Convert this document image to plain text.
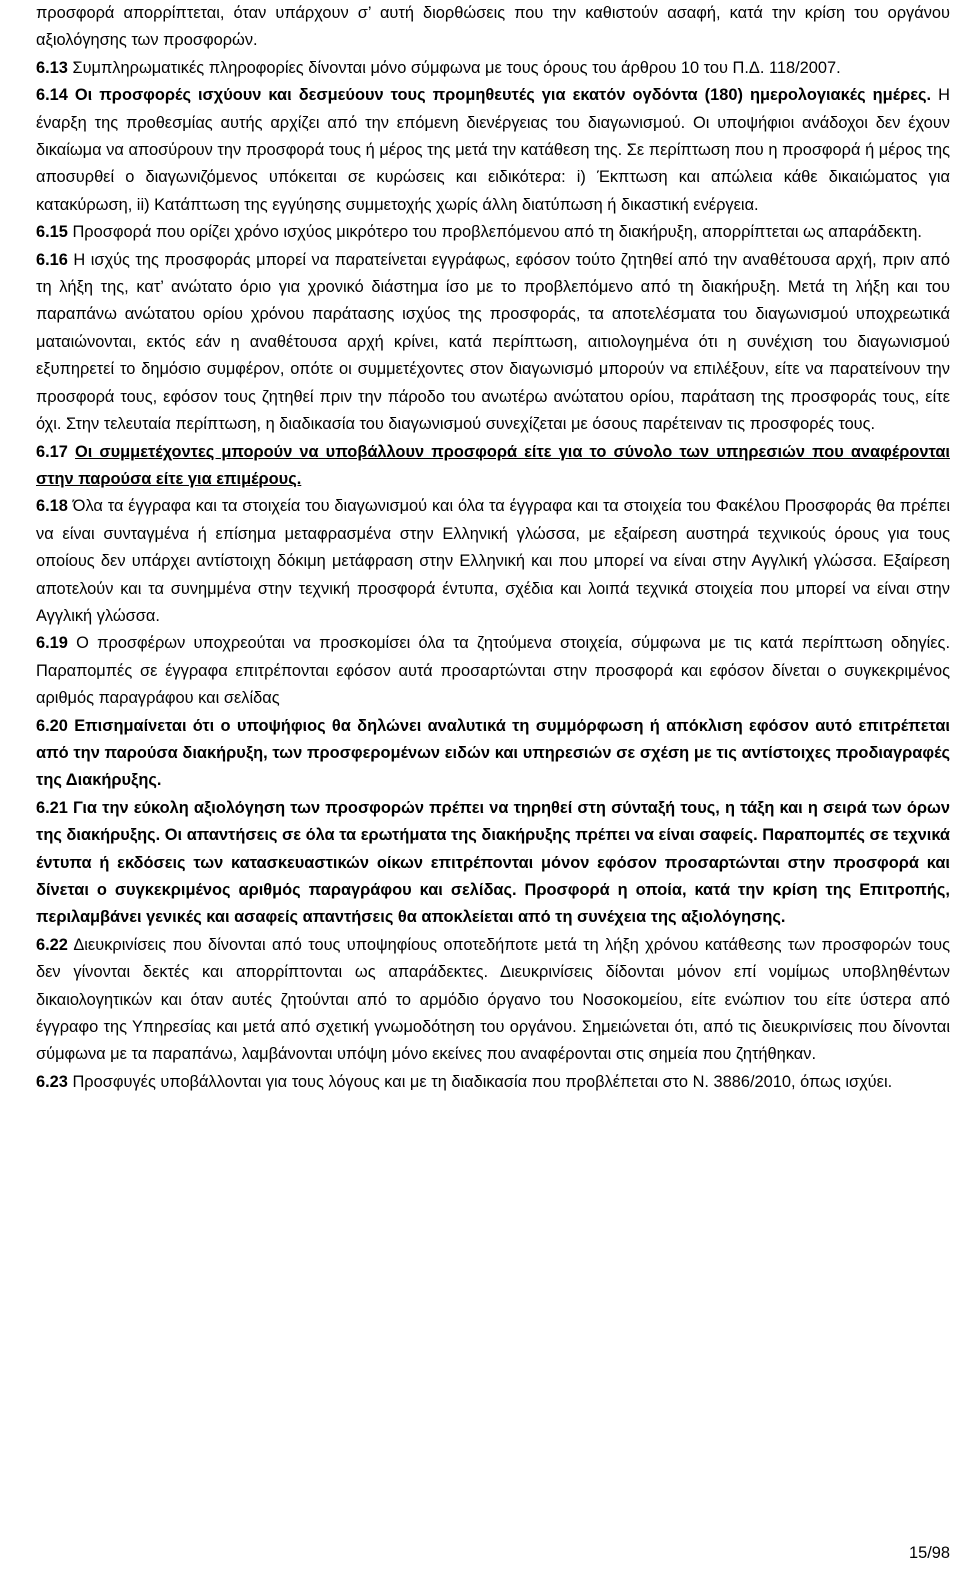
προσφορά απορρίπτεται, όταν υπάρχουν σ’ αυτή διορθώσεις που την καθιστούν ασαφή, κατά την κρίση του οργάνου αξιολόγησης των προσφορών.

6.13 Συμπληρωματικές πληροφορίες δίνονται μόνο σύμφωνα με τους όρους του άρθρου 10 του Π.Δ. 118/2007.

6.14 Οι προσφορές ισχύουν και δεσμεύουν τους προμηθευτές για εκατόν ογδόντα (180) ημερολογιακές ημέρες. Η έναρξη της προθεσμίας αυτής αρχίζει από την επόμενη διενέργειας του διαγωνισμού. Οι υποψήφιοι ανάδοχοι δεν έχουν δικαίωμα να αποσύρουν την προσφορά τους ή μέρος της μετά την κατάθεση της. Σε περίπτωση που η προσφορά ή μέρος της αποσυρθεί ο διαγωνιζόμενος υπόκειται σε κυρώσεις και ειδικότερα: i) Έκπτωση και απώλεια κάθε δικαιώματος για κατακύρωση, ii) Κατάπτωση της εγγύησης συμμετοχής χωρίς άλλη διατύπωση ή δικαστική ενέργεια.

6.15 Προσφορά που ορίζει χρόνο ισχύος μικρότερο του προβλεπόμενου από τη διακήρυξη, απορρίπτεται ως απαράδεκτη.

6.16 Η ισχύς της προσφοράς μπορεί να παρατείνεται εγγράφως, εφόσον τούτο ζητηθεί από την αναθέτουσα αρχή, πριν από τη λήξη της, κατ’ ανώτατο όριο για χρονικό διάστημα ίσο με το προβλεπόμενο από τη διακήρυξη. Μετά τη λήξη και του παραπάνω ανώτατου ορίου χρόνου παράτασης ισχύος της προσφοράς, τα αποτελέσματα του διαγωνισμού υποχρεωτικά ματαιώνονται, εκτός εάν η αναθέτουσα αρχή κρίνει, κατά περίπτωση, αιτιολογημένα ότι η συνέχιση του διαγωνισμού εξυπηρετεί το δημόσιο συμφέρον, οπότε οι συμμετέχοντες στον διαγωνισμό μπορούν να επιλέξουν, είτε να παρατείνουν την προσφορά τους, εφόσον τους ζητηθεί πριν την πάροδο του ανωτέρω ανώτατου ορίου, παράταση της προσφοράς τους, είτε όχι. Στην τελευταία περίπτωση, η διαδικασία του διαγωνισμού συνεχίζεται με όσους παρέτειναν τις προσφορές τους.

6.17 Οι συμμετέχοντες μπορούν να υποβάλλουν προσφορά είτε για το σύνολο των υπηρεσιών που αναφέρονται στην παρούσα είτε για επιμέρους.

6.18 Όλα τα έγγραφα και τα στοιχεία του διαγωνισμού και όλα τα έγγραφα και τα στοιχεία του Φακέλου Προσφοράς θα πρέπει να είναι συνταγμένα ή επίσημα μεταφρασμένα στην Ελληνική γλώσσα, με εξαίρεση αυστηρά τεχνικούς όρους για τους οποίους δεν υπάρχει αντίστοιχη δόκιμη μετάφραση στην Ελληνική και που μπορεί να είναι στην Αγγλική γλώσσα. Εξαίρεση αποτελούν και τα συνημμένα στην τεχνική προσφορά έντυπα, σχέδια και λοιπά τεχνικά στοιχεία που μπορεί να είναι στην Αγγλική γλώσσα.

6.19 Ο προσφέρων υποχρεούται να προσκομίσει όλα τα ζητούμενα στοιχεία, σύμφωνα με τις κατά περίπτωση οδηγίες. Παραπομπές σε έγγραφα επιτρέπονται εφόσον αυτά προσαρτώνται στην προσφορά και εφόσον δίνεται ο συγκεκριμένος αριθμός παραγράφου και σελίδας

6.20 Επισημαίνεται ότι ο υποψήφιος θα δηλώνει αναλυτικά τη συμμόρφωση ή απόκλιση εφόσον αυτό επιτρέπεται από την παρούσα διακήρυξη, των προσφερομένων ειδών και υπηρεσιών σε σχέση με τις αντίστοιχες προδιαγραφές της Διακήρυξης.

6.21 Για την εύκολη αξιολόγηση των προσφορών πρέπει να τηρηθεί στη σύνταξή τους, η τάξη και η σειρά των όρων της διακήρυξης. Οι απαντήσεις σε όλα τα ερωτήματα της διακήρυξης πρέπει να είναι σαφείς. Παραπομπές σε τεχνικά έντυπα ή εκδόσεις των κατασκευαστικών οίκων επιτρέπονται μόνον εφόσον προσαρτώνται στην προσφορά και δίνεται ο συγκεκριμένος αριθμός παραγράφου και σελίδας. Προσφορά η οποία, κατά την κρίση της Επιτροπής, περιλαμβάνει γενικές και ασαφείς απαντήσεις θα αποκλείεται από τη συνέχεια της αξιολόγησης.

6.22 Διευκρινίσεις που δίνονται από τους υποψηφίους οποτεδήποτε μετά τη λήξη χρόνου κατάθεσης των προσφορών τους δεν γίνονται δεκτές και απορρίπτονται ως απαράδεκτες. Διευκρινίσεις δίδονται μόνον επί νομίμως υποβληθέντων δικαιολογητικών και όταν αυτές ζητούνται από το αρμόδιο όργανο του Νοσοκομείου, είτε ενώπιον του είτε ύστερα από έγγραφο της Υπηρεσίας και μετά από σχετική γνωμοδότηση του οργάνου. Σημειώνεται ότι, από τις διευκρινίσεις που δίνονται σύμφωνα με τα παραπάνω, λαμβάνονται υπόψη μόνο εκείνες που αναφέρονται στις σημεία που ζητήθηκαν.

6.23 Προσφυγές υποβάλλονται για τους λόγους και με τη διαδικασία που προβλέπεται στο Ν. 3886/2010, όπως ισχύει.

15/98
